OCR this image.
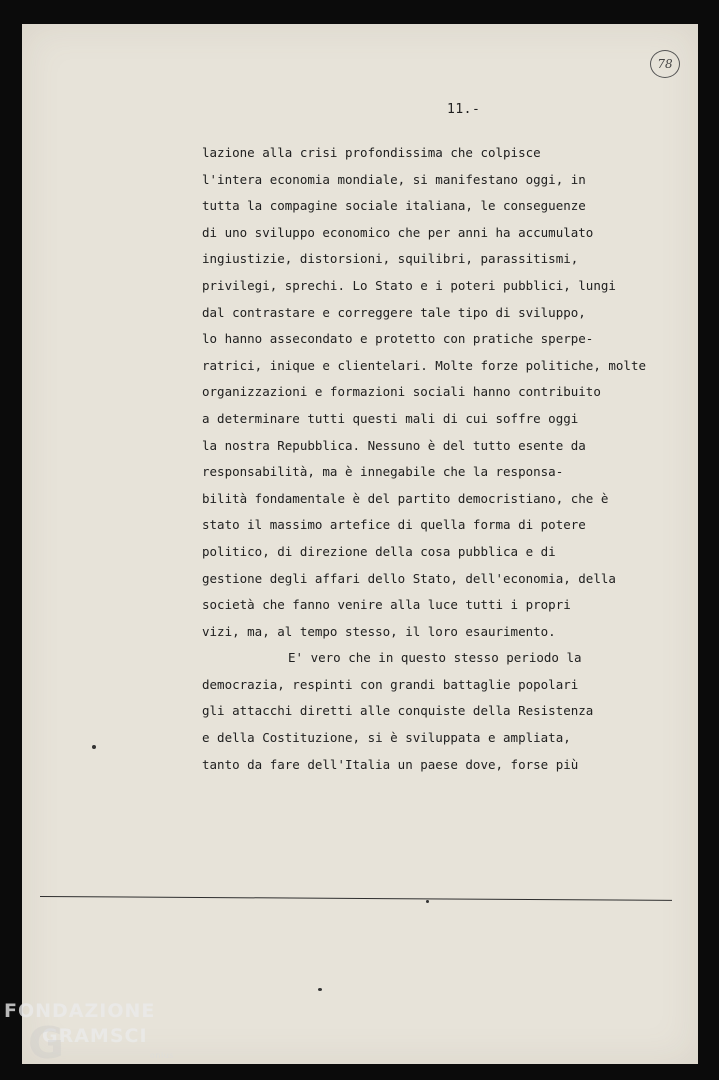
78
11.-
lazione alla crisi profondissima che colpisce
l'intera economia mondiale, si manifestano oggi, in
tutta la compagine sociale italiana, le conseguenze
di uno sviluppo economico che per anni ha accumulato
ingiustizie, distorsioni, squilibri, parassitismi,
privilegi, sprechi. Lo Stato e i poteri pubblici, lungi
dal contrastare e correggere tale tipo di sviluppo,
lo hanno assecondato e protetto con pratiche sperpe-
ratrici, inique e clientelari. Molte forze politiche, molte
organizzazioni e formazioni sociali hanno contribuito
a determinare tutti questi mali di cui soffre oggi
la nostra Repubblica. Nessuno è del tutto esente da
responsabilità, ma è innegabile che la responsa-
bilità fondamentale è del partito democristiano, che è
stato il massimo artefice di quella forma di potere
politico, di direzione della cosa pubblica e di
gestione degli affari dello Stato, dell'economia, della
società che fanno venire alla luce tutti i propri
vizi, ma, al tempo stesso, il loro esaurimento.
E' vero che in questo stesso periodo la
democrazia, respinti con grandi battaglie popolari
gli attacchi diretti alle conquiste della Resistenza
e della Costituzione, si è sviluppata e ampliata,
tanto da fare dell'Italia un paese dove, forse più
G
FONDAZIONE
GRAMSCI
onlus
